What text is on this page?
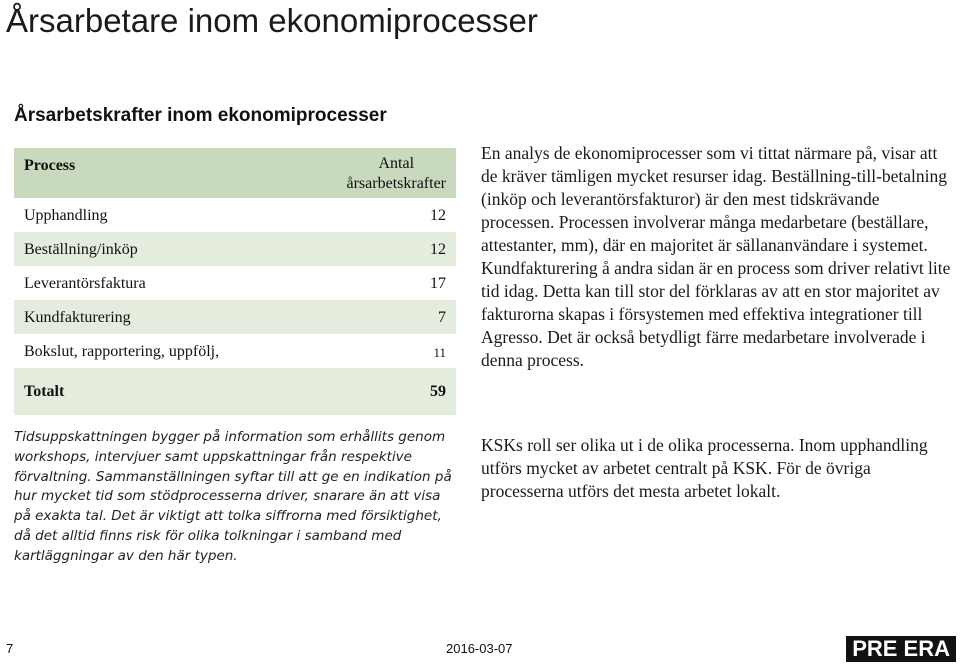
Årsarbetare inom ekonomiprocesser
Årsarbetskrafter inom ekonomiprocesser
Process	Antal
årsarbetskrafter
Upphandling	12
Beställning/inköp	12
Leverantörsfaktura	17
Kundfakturering	7
Bokslut, rapportering, uppfölj,	11
Totalt	59
Tidsuppskattningen bygger på information som erhållits genom workshops, intervjuer samt uppskattningar från respektive förvaltning. Sammanställningen syftar till att ge en indikation på hur mycket tid som stödprocesserna driver, snarare än att visa på exakta tal. Det är viktigt att tolka siffrorna med försiktighet, då det alltid finns risk för olika tolkningar i samband med kartläggningar av den här typen.
En analys de ekonomiprocesser som vi tittat närmare på, visar att de kräver tämligen mycket resurser idag. Beställning-till-betalning (inköp och leverantörsfakturor) är den mest tidskrävande processen. Processen involverar många medarbetare (beställare, attestanter, mm), där en majoritet är sällananvändare i systemet. Kundfakturering å andra sidan är en process som driver relativt lite tid idag. Detta kan till stor del förklaras av att en stor majoritet av fakturorna skapas i försystemen med effektiva integrationer till Agresso. Det är också betydligt färre medarbetare involverade i denna process.
KSKs roll ser olika ut i de olika processerna. Inom upphandling utförs mycket av arbetet centralt på KSK. För de övriga processerna utförs det mesta arbetet lokalt.
7	2016-03-07	PRE ERA
